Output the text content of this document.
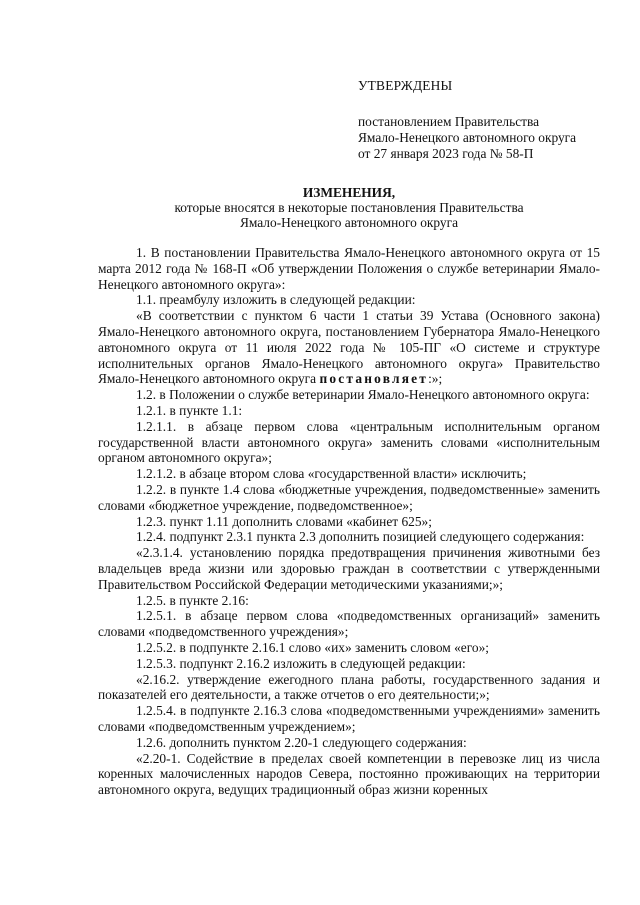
УТВЕРЖДЕНЫ

постановлением Правительства

Ямало-Ненецкого автономного округа

от 27 января 2023 года № 58-П

ИЗМЕНЕНИЯ,

которые вносятся в некоторые постановления Правительства

Ямало-Ненецкого автономного округа

1. В постановлении Правительства Ямало-Ненецкого автономного округа от 15 марта 2012 года № 168-П «Об утверждении Положения о службе ветеринарии Ямало-Ненецкого автономного округа»:

1.1. преамбулу изложить в следующей редакции:

«В соответствии с пунктом 6 части 1 статьи 39 Устава (Основного закона) Ямало-Ненецкого автономного округа, постановлением Губернатора Ямало-Ненецкого автономного округа от 11 июля 2022 года № 105-ПГ «О системе и структуре исполнительных органов Ямало-Ненецкого автономного округа» Правительство Ямало-Ненецкого автономного округа постановляет:»;

1.2. в Положении о службе ветеринарии Ямало-Ненецкого автономного округа:

1.2.1. в пункте 1.1:

1.2.1.1. в абзаце первом слова «центральным исполнительным органом государственной власти автономного округа» заменить словами «исполнительным органом автономного округа»;

1.2.1.2. в абзаце втором слова «государственной власти» исключить;

1.2.2. в пункте 1.4 слова «бюджетные учреждения, подведомственные» заменить словами «бюджетное учреждение, подведомственное»;

1.2.3. пункт 1.11 дополнить словами «кабинет 625»;

1.2.4. подпункт 2.3.1 пункта 2.3 дополнить позицией следующего содержания:

«2.3.1.4. установлению порядка предотвращения причинения животными без владельцев вреда жизни или здоровью граждан в соответствии с утвержденными Правительством Российской Федерации методическими указаниями;»;

1.2.5. в пункте 2.16:

1.2.5.1. в абзаце первом слова «подведомственных организаций» заменить словами «подведомственного учреждения»;

1.2.5.2. в подпункте 2.16.1 слово «их» заменить словом «его»;

1.2.5.3. подпункт 2.16.2 изложить в следующей редакции:

«2.16.2. утверждение ежегодного плана работы, государственного задания и показателей его деятельности, а также отчетов о его деятельности;»;

1.2.5.4. в подпункте 2.16.3 слова «подведомственными учреждениями» заменить словами «подведомственным учреждением»;

1.2.6. дополнить пунктом 2.20-1 следующего содержания:

«2.20-1. Содействие в пределах своей компетенции в перевозке лиц из числа коренных малочисленных народов Севера, постоянно проживающих на территории автономного округа, ведущих традиционный образ жизни коренных
